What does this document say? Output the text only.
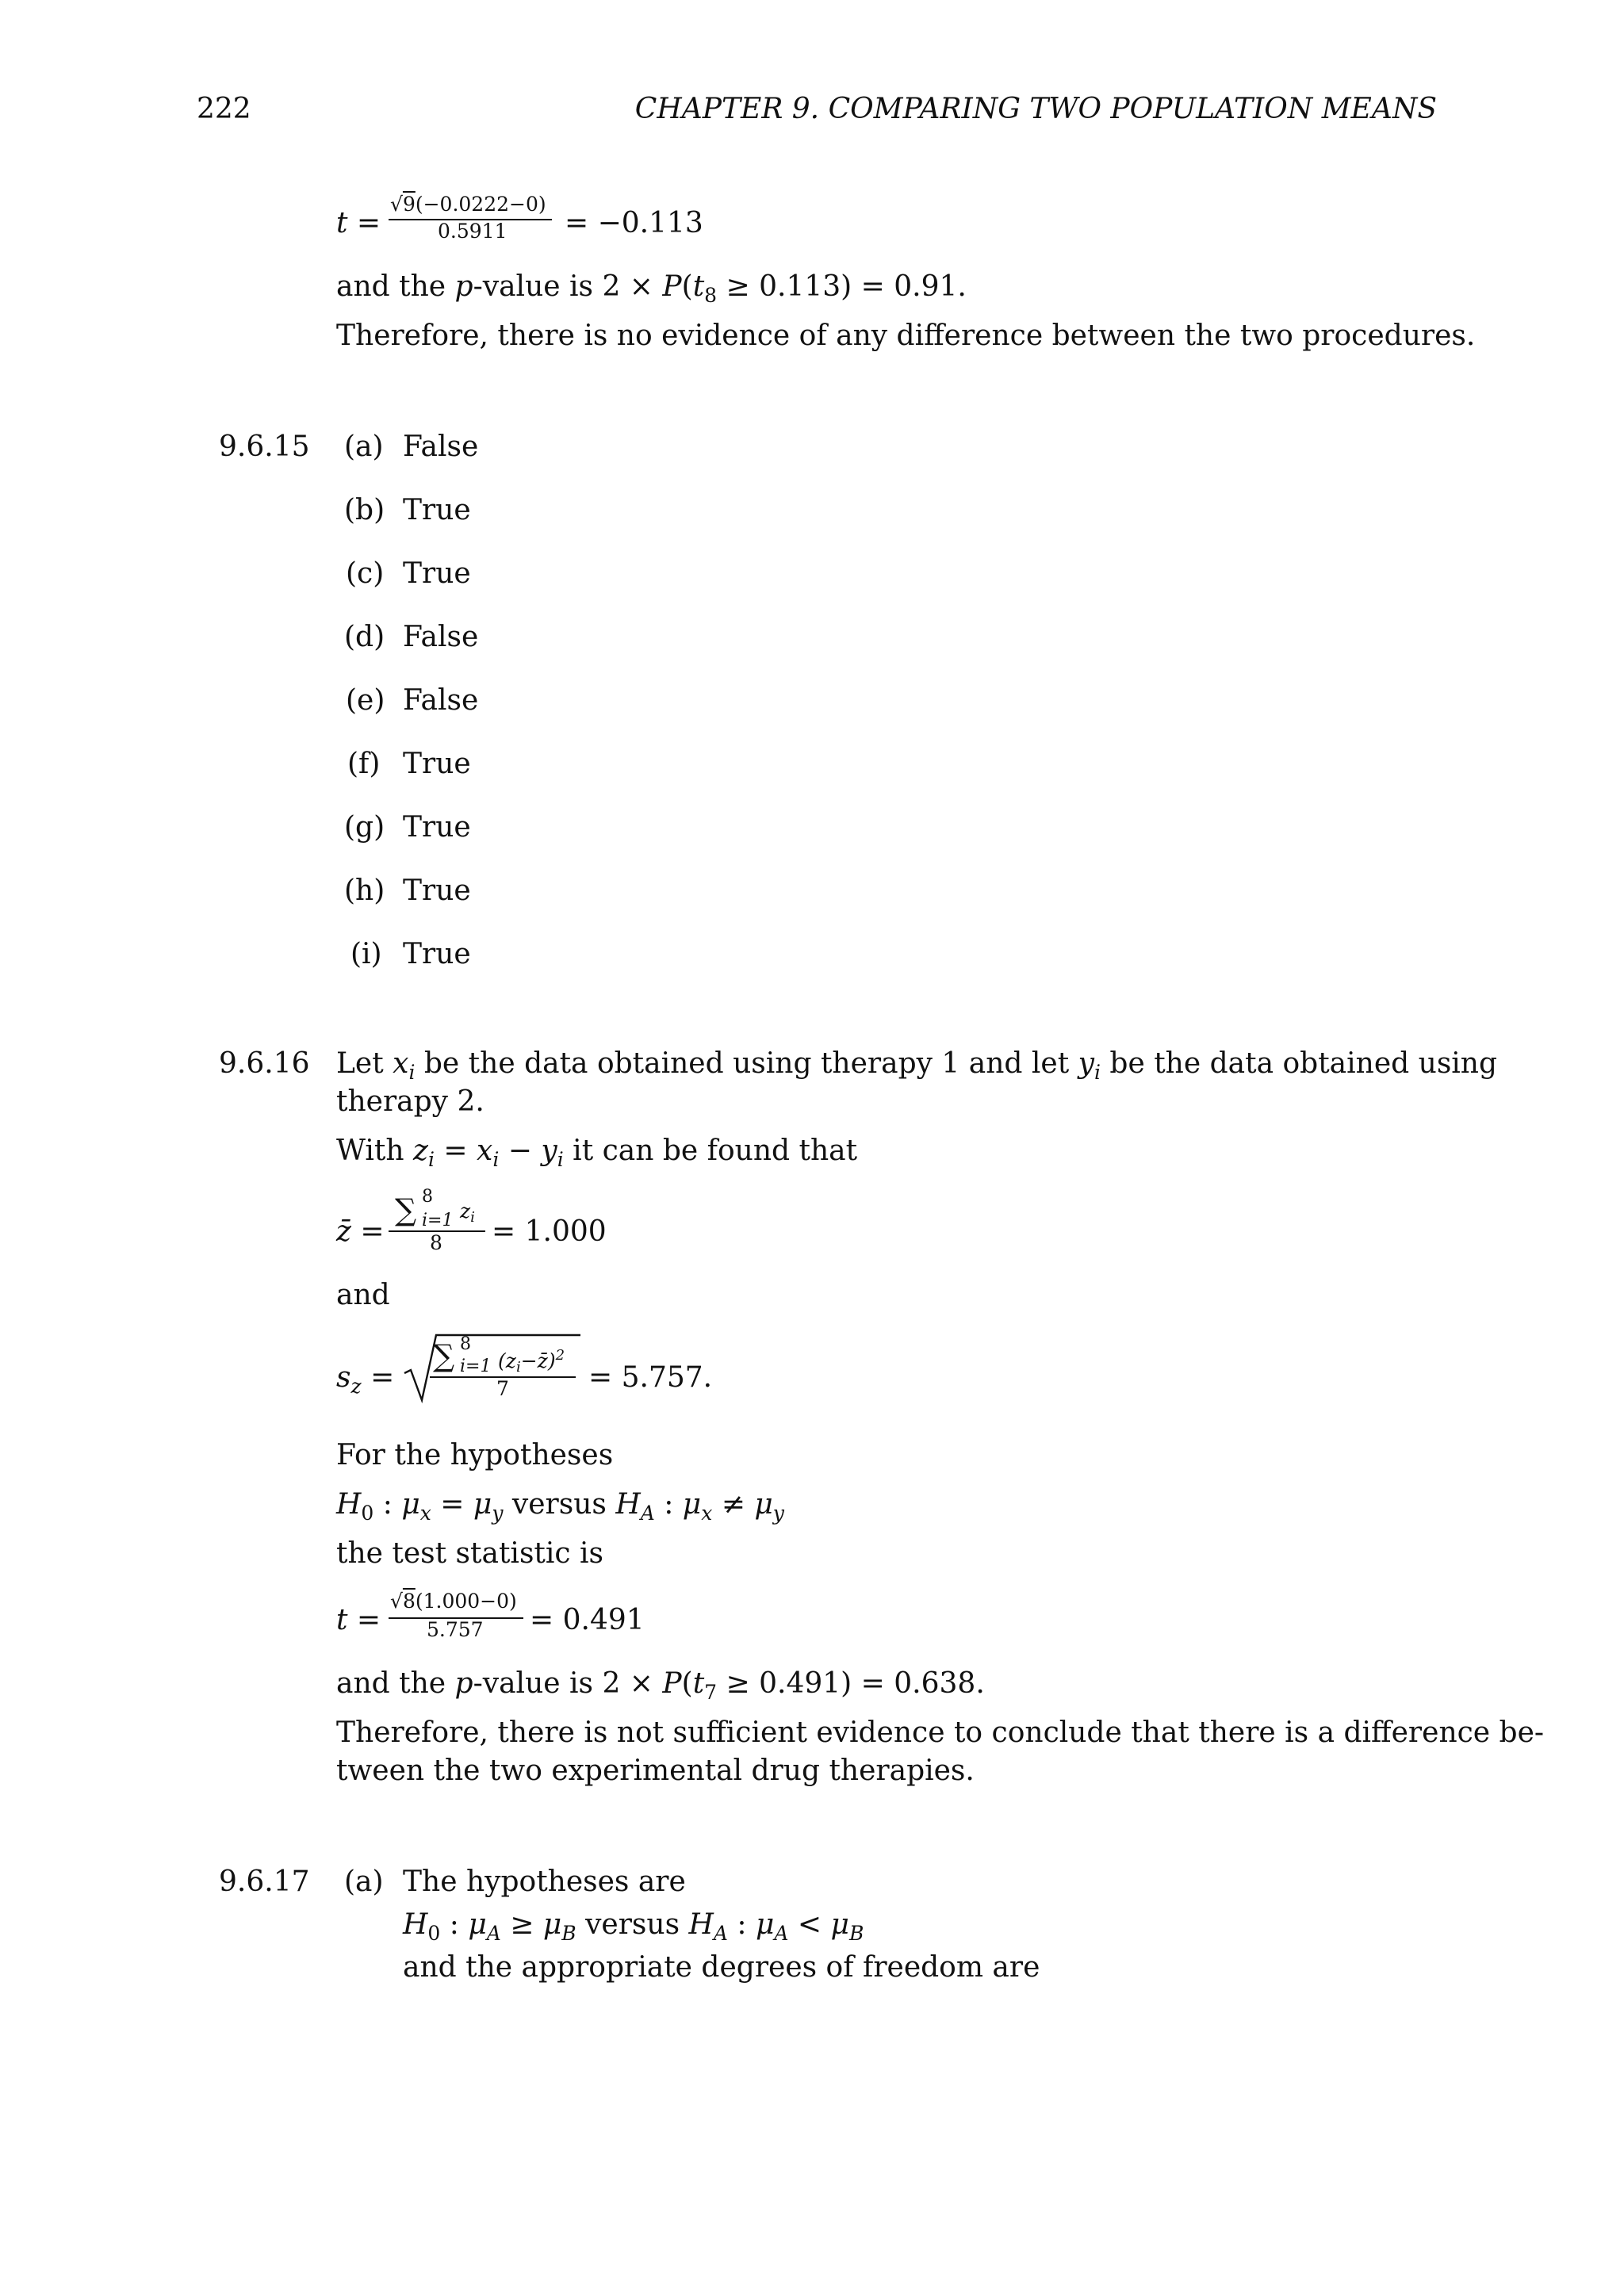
222	CHAPTER 9. COMPARING TWO POPULATION MEANS
t =
√9(−0.0222−0)
0.5911 = −0.113
and the p-value is $2 \times P(t_8 \ge 0.113) = 0.91$.
Therefore, there is no evidence of any difference between the two procedures.
9.6.15 (a) False
(b) True
(c) True
(d) False
(e) False
(f) True
(g) True
(h) True
(i) True
9.6.16 Let $x_i$ be the data obtained using therapy 1 and let $y_i$ be the data obtained using
therapy 2.
With $z_i = x_i - y_i$ it can be found that
z̄ =
∑ 8
i=1 $z_i$
8 = 1.000
and
$s_z$ =
∑ 8
i=1 $(z_i-z̄)^2$
7	= 5.757.
For the hypotheses
$H_0$ : $\mu_x = \mu_y$ versus $H_A$ : $\mu_x \ne \mu_y$
the test statistic is
t =
√8(1.000−0)
5.757 = 0.491
and the p-value is $2 \times P(t_7 \ge 0.491) = 0.638$.
Therefore, there is not sufficient evidence to conclude that there is a difference be-
tween the two experimental drug therapies.
9.6.17 (a) The hypotheses are
$H_0$ : $\mu_A \ge \mu_B$ versus $H_A$ : $\mu_A < \mu_B$
and the appropriate degrees of freedom are
